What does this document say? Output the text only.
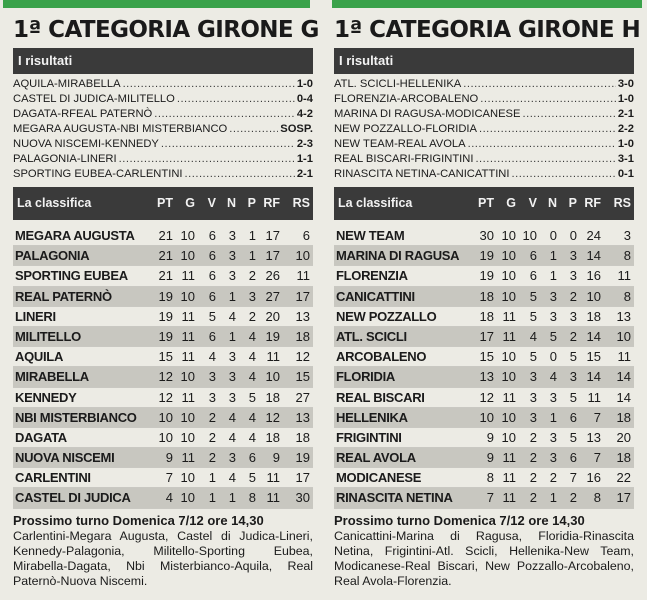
1ª CATEGORIA GIRONE G
I risultati
AQUILA-MIRABELLA .....	1-0
CASTEL DI JUDICA-MILITELLO .....	0-4
DAGATA-RFEAL PATERNÒ .....	4-2
MEGARA AUGUSTA-NBI MISTERBIANCO .....	SOSP.
NUOVA NISCEMI-KENNEDY .....	2-3
PALAGONIA-LINERI .....	1-1
SPORTING EUBEA-CARLENTINI .....	2-1
La classifica	PT G	V N P RF	RS
MEGARA AUGUSTA	21 10	6 3 1 17	6
PALAGONIA	21 10	6 3 1 17	10
SPORTING EUBEA	21 11	6 3 2 26	11
REAL PATERNÒ	19 10	6 1 3 27	17
LINERI	19 11	5 4 2 20	13
MILITELLO	19 11	6 1 4 19	18
AQUILA	15 11	4 3 4 11	12
MIRABELLA	12 10	3 3 4 10	15
KENNEDY	12 11	3 3 5 18	27
NBI MISTERBIANCO	10 10	2 4 4 12	13
DAGATA	10 10	2 4 4 18	18
NUOVA NISCEMI	9 11	2 3 6	9	19
CARLENTINI	7 10	1 4 5 11	17
CASTEL DI JUDICA	4 10	1 1 8 11	30
Prossimo turno Domenica 7/12 ore 14,30
Carlentini-Megara Augusta, Castel di Judica-Lineri, Kennedy-Palagonia, Militello-Sporting Eubea, Mirabella-Dagata, Nbi Misterbianco-Aquila, Real Paternò-Nuova Niscemi.
1ª CATEGORIA GIRONE H
I risultati
ATL. SCICLI-HELLENIKA .....	3-0
FLORENZIA-ARCOBALENO .....	1-0
MARINA DI RAGUSA-MODICANESE .....	2-1
NEW POZZALLO-FLORIDIA .....	2-2
NEW TEAM-REAL AVOLA .....	1-0
REAL BISCARI-FRIGINTINI .....	3-1
RINASCITA NETINA-CANICATTINI .....	0-1
La classifica	PT G	V N P RF	RS
NEW TEAM	30 10 10 0 0 24	3
MARINA DI RAGUSA	19 10	6 1 3 14	8
FLORENZIA	19 10	6 1 3 16	11
CANICATTINI	18 10	5 3 2 10	8
NEW POZZALLO	18 11	5 3 3 18	13
ATL. SCICLI	17 11	4 5 2 14	10
ARCOBALENO	15 10	5 0 5 15	11
FLORIDIA	13 10	3 4 3 14	14
REAL BISCARI	12 11	3 3 5 11	14
HELLENIKA	10 10	3 1 6	7	18
FRIGINTINI	9 10	2 3 5 13	20
REAL AVOLA	9 11	2 3 6	7	18
MODICANESE	8 11	2 2 7 16	22
RINASCITA NETINA	7 11	2 1 2	8	17
Prossimo turno Domenica 7/12 ore 14,30
Canicattini-Marina di Ragusa, Floridia-Rinascita Netina, Frigintini-Atl. Scicli, Hellenika-New Team, Modicanese-Real Biscari, New Pozzallo-Arcobaleno, Real Avola-Florenzia.
